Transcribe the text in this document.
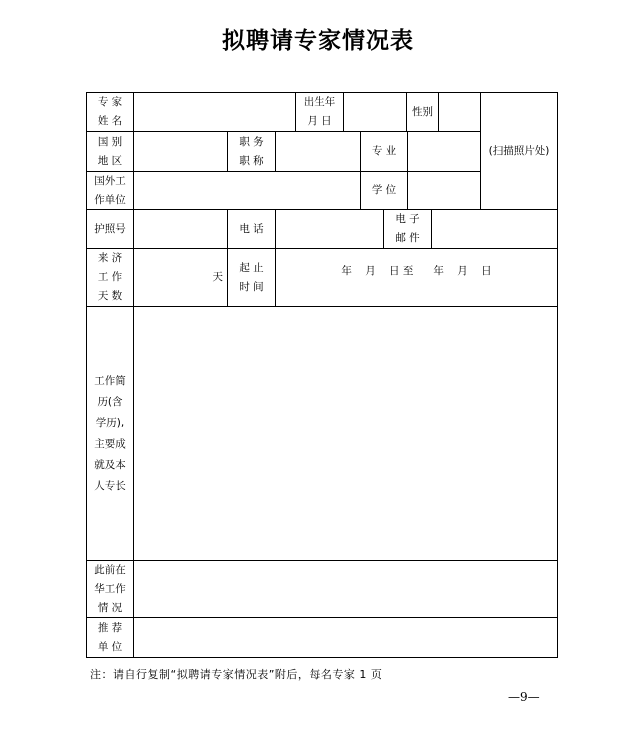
拟聘请专家情况表
专 家
姓 名
出生年
月 日
性别
(扫描照片处)
国 别
地 区
职 务
职 称
专 业
国外工
作单位
学 位
护照号	电 话
电 子
邮 件
来 济
工 作
天 数
天
起 止
时 间
年    月    日 至      年    月    日
工作简
历(含
学历),
主要成
就及本
人专长
此前在
华工作
情 况
推 荐
单 位
注：请自行复制“拟聘请专家情况表”附后，每名专家 1 页
—9—
